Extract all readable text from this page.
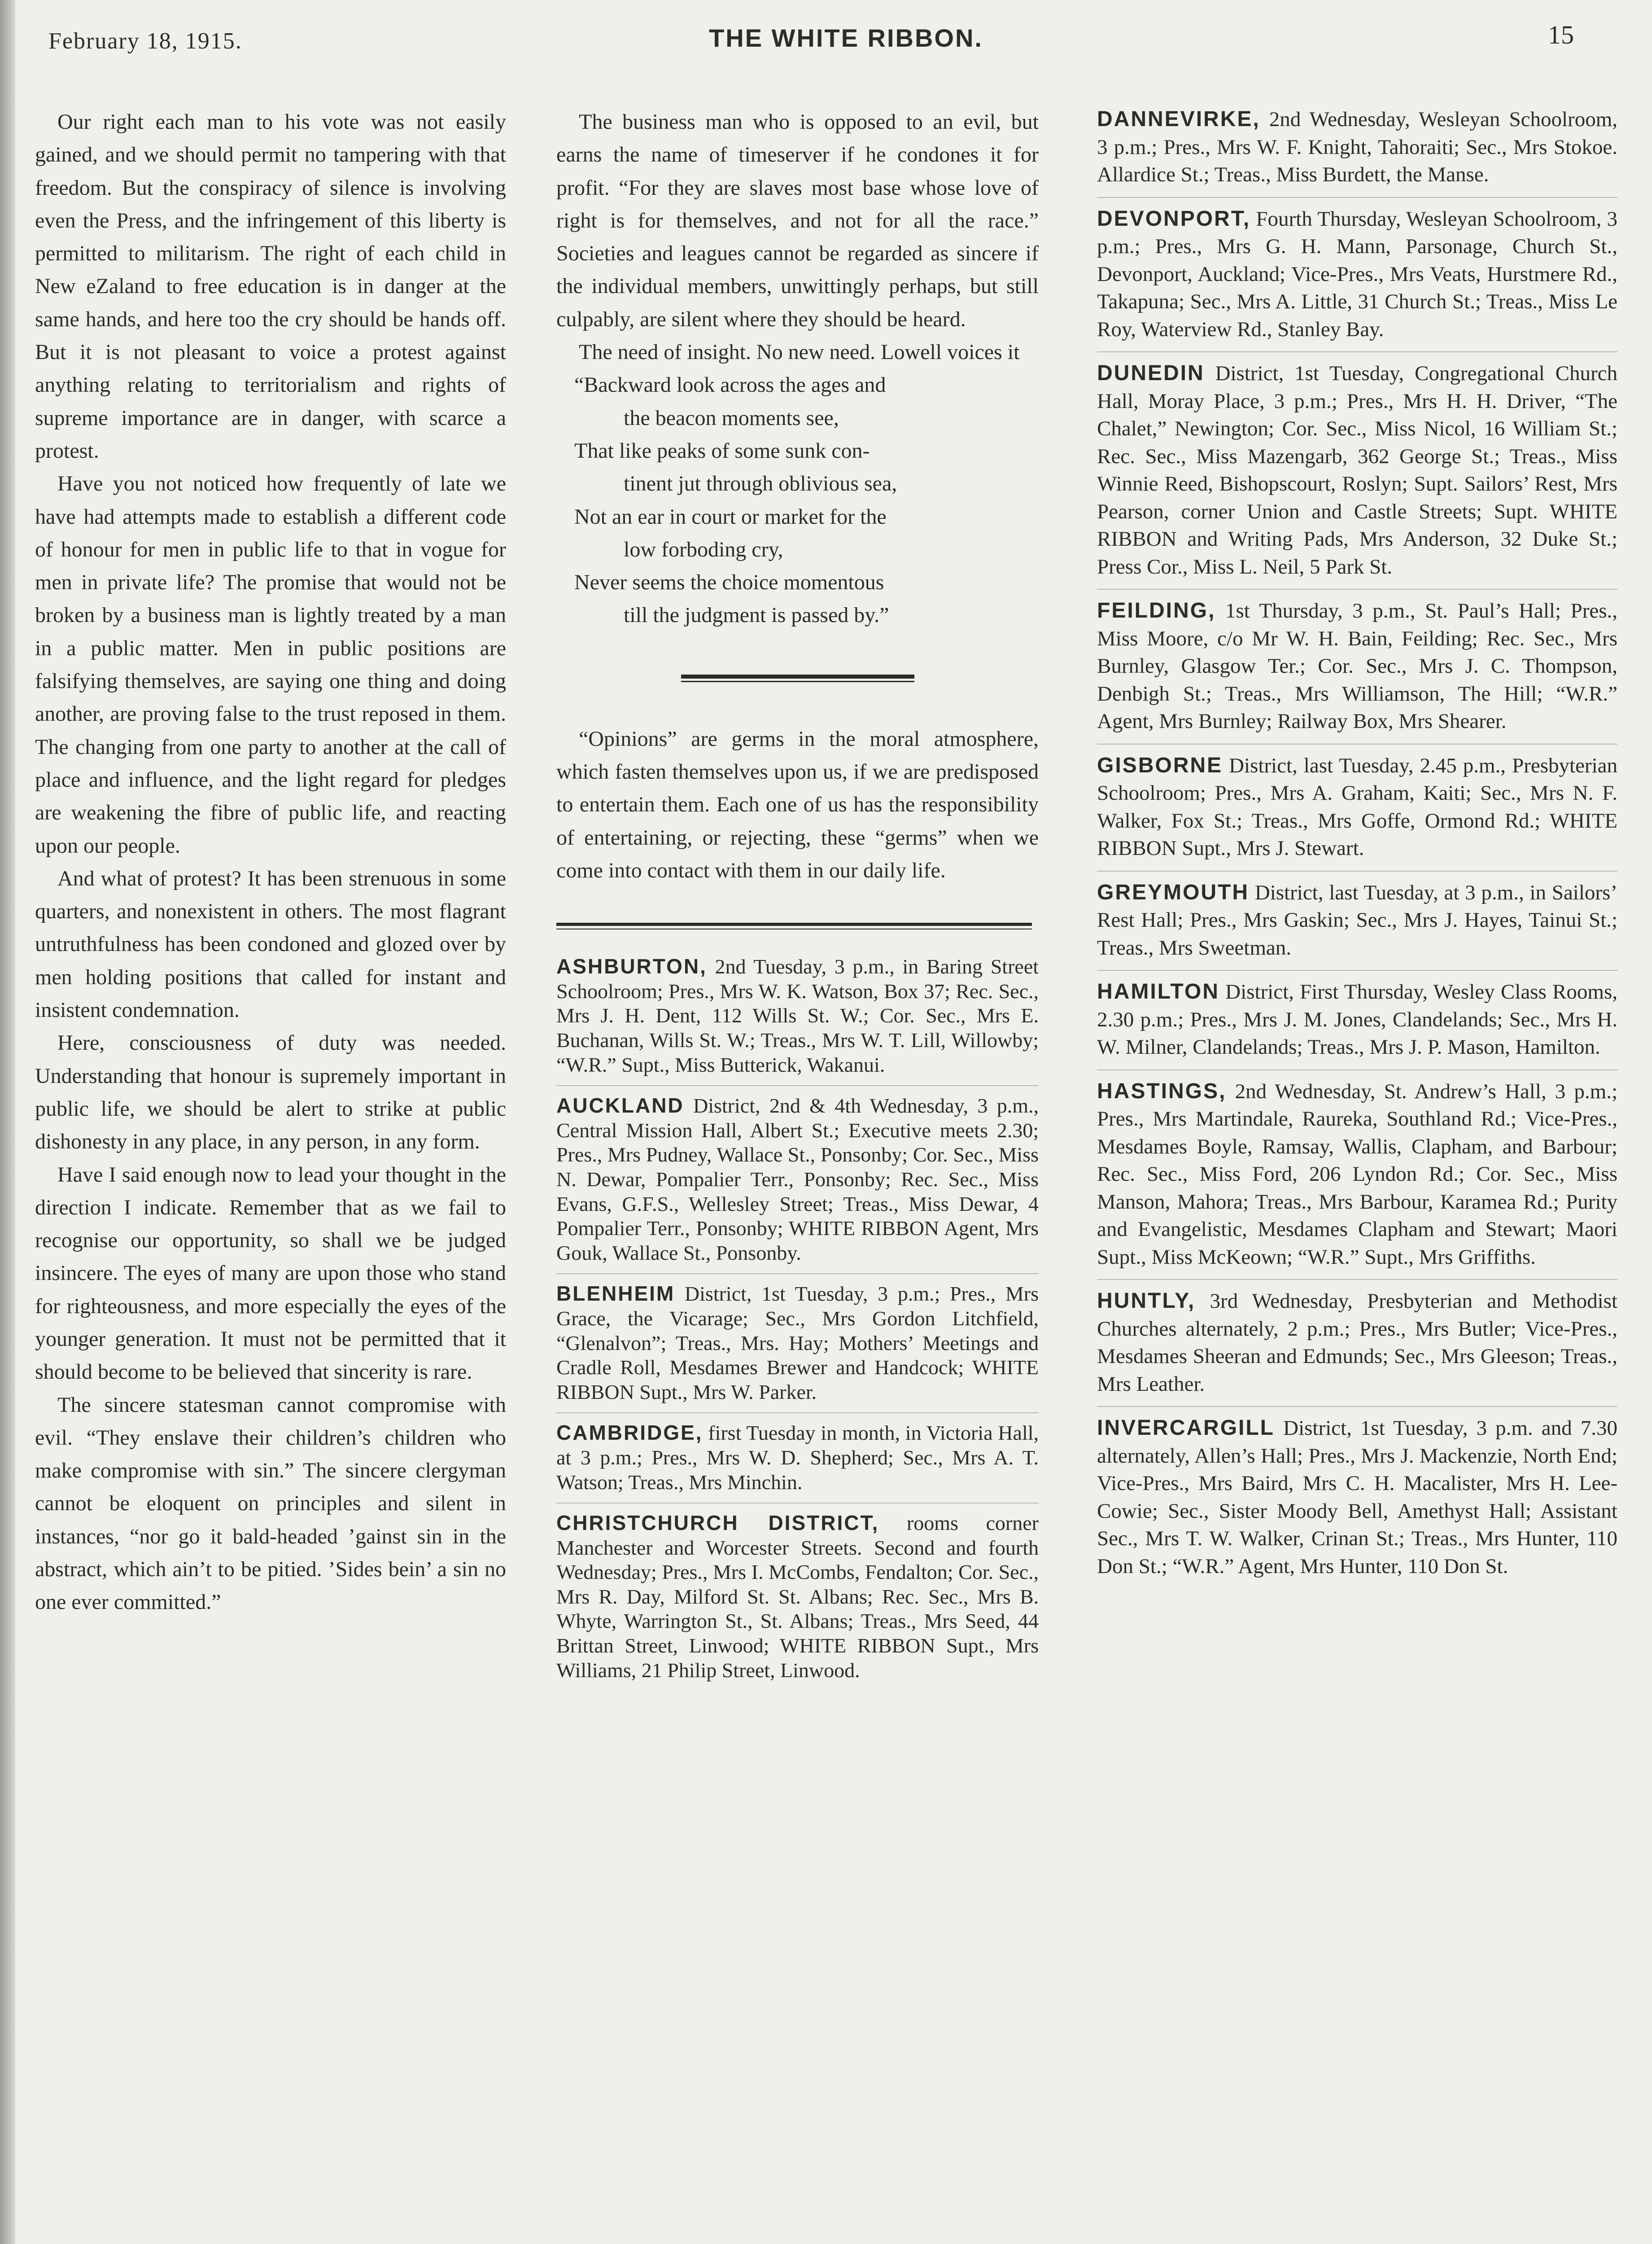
February 18, 1915.	THE WHITE RIBBON.	15

Our right each man to his vote was not easily gained, and we should permit no tampering with that freedom. But the conspiracy of silence is involving even the Press, and the infringement of this liberty is permitted to militarism. The right of each child in New eZaland to free education is in danger at the same hands, and here too the cry should be hands off. But it is not pleasant to voice a protest against anything relating to territorialism and rights of supreme importance are in danger, with scarce a protest.

Have you not noticed how frequently of late we have had attempts made to establish a different code of honour for men in public life to that in vogue for men in private life? The promise that would not be broken by a business man is lightly treated by a man in a public matter. Men in public positions are falsifying themselves, are saying one thing and doing another, are proving false to the trust reposed in them. The changing from one party to another at the call of place and influence, and the light regard for pledges are weakening the fibre of public life, and reacting upon our people.

And what of protest? It has been strenuous in some quarters, and nonexistent in others. The most flagrant untruthfulness has been condoned and glozed over by men holding positions that called for instant and insistent condemnation.

Here, consciousness of duty was needed. Understanding that honour is supremely important in public life, we should be alert to strike at public dishonesty in any place, in any person, in any form.

Have I said enough now to lead your thought in the direction I indicate. Remember that as we fail to recognise our opportunity, so shall we be judged insincere. The eyes of many are upon those who stand for righteousness, and more especially the eyes of the younger generation. It must not be permitted that it should become to be believed that sincerity is rare.

The sincere statesman cannot compromise with evil. “They enslave their children’s children who make compromise with sin.” The sincere clergyman cannot be eloquent on principles and silent in instances, “nor go it bald-headed ’gainst sin in the abstract, which ain’t to be pitied. ’Sides bein’ a sin no one ever committed.”

The business man who is opposed to an evil, but earns the name of timeserver if he condones it for profit. “For they are slaves most base whose love of right is for themselves, and not for all the race.” Societies and leagues cannot be regarded as sincere if the individual members, unwittingly perhaps, but still culpably, are silent where they should be heard.

The need of insight. No new need. Lowell voices it

“Backward look across the ages and
the beacon moments see,
That like peaks of some sunk con-
tinent jut through oblivious sea,
Not an ear in court or market for the
low forboding cry,
Never seems the choice momentous
till the judgment is passed by.”

“Opinions” are germs in the moral atmosphere, which fasten themselves upon us, if we are predisposed to entertain them. Each one of us has the responsibility of entertaining, or rejecting, these “germs” when we come into contact with them in our daily life.

ASHBURTON, 2nd Tuesday, 3 p.m., in Baring Street Schoolroom; Pres., Mrs W. K. Watson, Box 37; Rec. Sec., Mrs J. H. Dent, 112 Wills St. W.; Cor. Sec., Mrs E. Buchanan, Wills St. W.; Treas., Mrs W. T. Lill, Willowby; “W.R.” Supt., Miss Butterick, Wakanui.

AUCKLAND District, 2nd & 4th Wednesday, 3 p.m., Central Mission Hall, Albert St.; Executive meets 2.30; Pres., Mrs Pudney, Wallace St., Ponsonby; Cor. Sec., Miss N. Dewar, Pompalier Terr., Ponsonby; Rec. Sec., Miss Evans, G.F.S., Wellesley Street; Treas., Miss Dewar, 4 Pompalier Terr., Ponsonby; WHITE RIBBON Agent, Mrs Gouk, Wallace St., Ponsonby.

BLENHEIM District, 1st Tuesday, 3 p.m.; Pres., Mrs Grace, the Vicarage; Sec., Mrs Gordon Litchfield, “Glenalvon”; Treas., Mrs. Hay; Mothers’ Meetings and Cradle Roll, Mesdames Brewer and Handcock; WHITE RIBBON Supt., Mrs W. Parker.

CAMBRIDGE, first Tuesday in month, in Victoria Hall, at 3 p.m.; Pres., Mrs W. D. Shepherd; Sec., Mrs A. T. Watson; Treas., Mrs Minchin.

CHRISTCHURCH DISTRICT, rooms corner Manchester and Worcester Streets. Second and fourth Wednesday; Pres., Mrs I. McCombs, Fendalton; Cor. Sec., Mrs R. Day, Milford St. St. Albans; Rec. Sec., Mrs B. Whyte, Warrington St., St. Albans; Treas., Mrs Seed, 44 Brittan Street, Linwood; WHITE RIBBON Supt., Mrs Williams, 21 Philip Street, Linwood.

DANNEVIRKE, 2nd Wednesday, Wesleyan Schoolroom, 3 p.m.; Pres., Mrs W. F. Knight, Tahoraiti; Sec., Mrs Stokoe. Allardice St.; Treas., Miss Burdett, the Manse.

DEVONPORT, Fourth Thursday, Wesleyan Schoolroom, 3 p.m.; Pres., Mrs G. H. Mann, Parsonage, Church St., Devonport, Auckland; Vice-Pres., Mrs Veats, Hurstmere Rd., Takapuna; Sec., Mrs A. Little, 31 Church St.; Treas., Miss Le Roy, Waterview Rd., Stanley Bay.

DUNEDIN District, 1st Tuesday, Congregational Church Hall, Moray Place, 3 p.m.; Pres., Mrs H. H. Driver, “The Chalet,” Newington; Cor. Sec., Miss Nicol, 16 William St.; Rec. Sec., Miss Mazengarb, 362 George St.; Treas., Miss Winnie Reed, Bishopscourt, Roslyn; Supt. Sailors’ Rest, Mrs Pearson, corner Union and Castle Streets; Supt. WHITE RIBBON and Writing Pads, Mrs Anderson, 32 Duke St.; Press Cor., Miss L. Neil, 5 Park St.

FEILDING, 1st Thursday, 3 p.m., St. Paul’s Hall; Pres., Miss Moore, c/o Mr W. H. Bain, Feilding; Rec. Sec., Mrs Burnley, Glasgow Ter.; Cor. Sec., Mrs J. C. Thompson, Denbigh St.; Treas., Mrs Williamson, The Hill; “W.R.” Agent, Mrs Burnley; Railway Box, Mrs Shearer.

GISBORNE District, last Tuesday, 2.45 p.m., Presbyterian Schoolroom; Pres., Mrs A. Graham, Kaiti; Sec., Mrs N. F. Walker, Fox St.; Treas., Mrs Goffe, Ormond Rd.; WHITE RIBBON Supt., Mrs J. Stewart.

GREYMOUTH District, last Tuesday, at 3 p.m., in Sailors’ Rest Hall; Pres., Mrs Gaskin; Sec., Mrs J. Hayes, Tainui St.; Treas., Mrs Sweetman.

HAMILTON District, First Thursday, Wesley Class Rooms, 2.30 p.m.; Pres., Mrs J. M. Jones, Clandelands; Sec., Mrs H. W. Milner, Clandelands; Treas., Mrs J. P. Mason, Hamilton.

HASTINGS, 2nd Wednesday, St. Andrew’s Hall, 3 p.m.; Pres., Mrs Martindale, Raureka, Southland Rd.; Vice-Pres., Mesdames Boyle, Ramsay, Wallis, Clapham, and Barbour; Rec. Sec., Miss Ford, 206 Lyndon Rd.; Cor. Sec., Miss Manson, Mahora; Treas., Mrs Barbour, Karamea Rd.; Purity and Evangelistic, Mesdames Clapham and Stewart; Maori Supt., Miss McKeown; “W.R.” Supt., Mrs Griffiths.

HUNTLY, 3rd Wednesday, Presbyterian and Methodist Churches alternately, 2 p.m.; Pres., Mrs Butler; Vice-Pres., Mesdames Sheeran and Edmunds; Sec., Mrs Gleeson; Treas., Mrs Leather.

INVERCARGILL District, 1st Tuesday, 3 p.m. and 7.30 alternately, Allen’s Hall; Pres., Mrs J. Mackenzie, North End; Vice-Pres., Mrs Baird, Mrs C. H. Macalister, Mrs H. Lee-Cowie; Sec., Sister Moody Bell, Amethyst Hall; Assistant Sec., Mrs T. W. Walker, Crinan St.; Treas., Mrs Hunter, 110 Don St.; “W.R.” Agent, Mrs Hunter, 110 Don St.
